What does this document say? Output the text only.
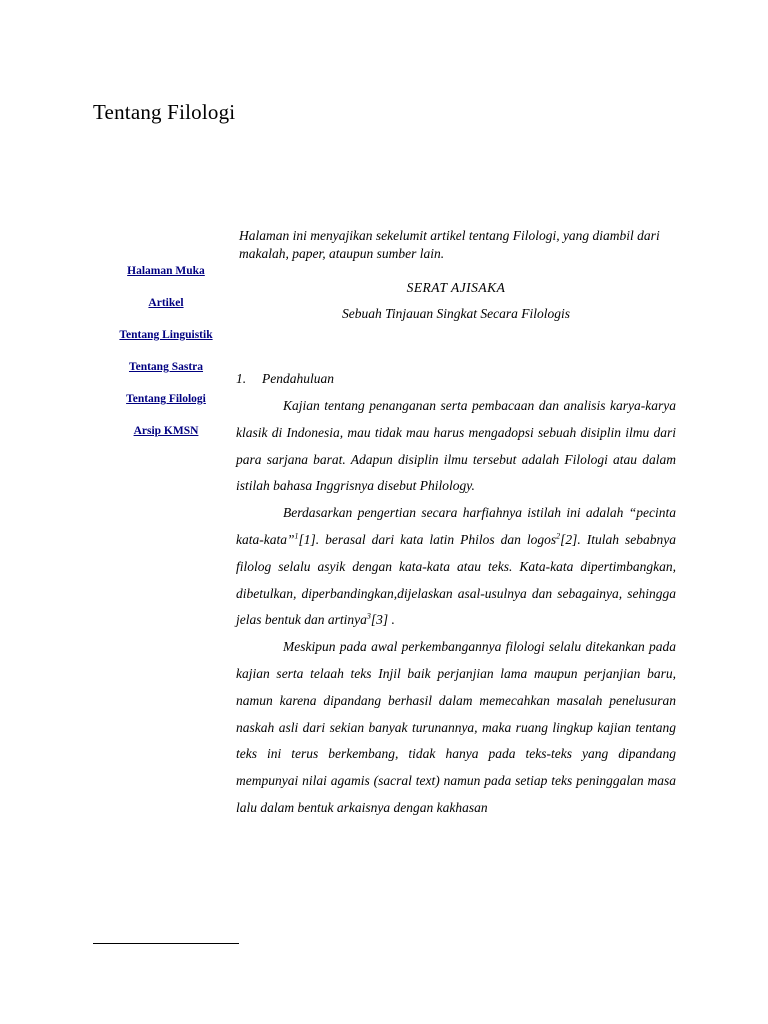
Tentang Filologi
Halaman Muka
Artikel
Tentang Linguistik
Tentang Sastra
Tentang Filologi
Arsip KMSN

Halaman ini menyajikan sekelumit artikel tentang Filologi, yang diambil dari makalah, paper, ataupun sumber lain.

SERAT AJISAKA
Sebuah Tinjauan Singkat Secara Filologis
1. Pendahuluan

Kajian tentang penanganan serta pembacaan dan analisis karya-karya klasik di Indonesia, mau tidak mau harus mengadopsi sebuah disiplin ilmu dari para sarjana barat. Adapun disiplin ilmu tersebut adalah Filologi atau dalam istilah bahasa Inggrisnya disebut Philology.

Berdasarkan pengertian secara harfiahnya istilah ini adalah “pecinta kata-kata”$^1$[1]. berasal dari kata latin Philos dan logos$^2$[2]. Itulah sebabnya filolog selalu asyik dengan kata-kata atau teks. Kata-kata dipertimbangkan, dibetulkan, diperbandingkan,dijelaskan asal-usulnya dan sebagainya, sehingga jelas bentuk dan artinya$^3$[3] .

Meskipun pada awal perkembangannya filologi selalu ditekankan pada kajian serta telaah teks Injil baik perjanjian lama maupun perjanjian baru, namun karena dipandang berhasil dalam memecahkan masalah penelusuran naskah asli dari sekian banyak turunannya, maka ruang lingkup kajian tentang teks ini terus berkembang, tidak hanya pada teks-teks yang dipandang mempunyai nilai agamis (sacral text) namun pada setiap teks peninggalan masa lalu dalam bentuk arkaisnya dengan kakhasan
